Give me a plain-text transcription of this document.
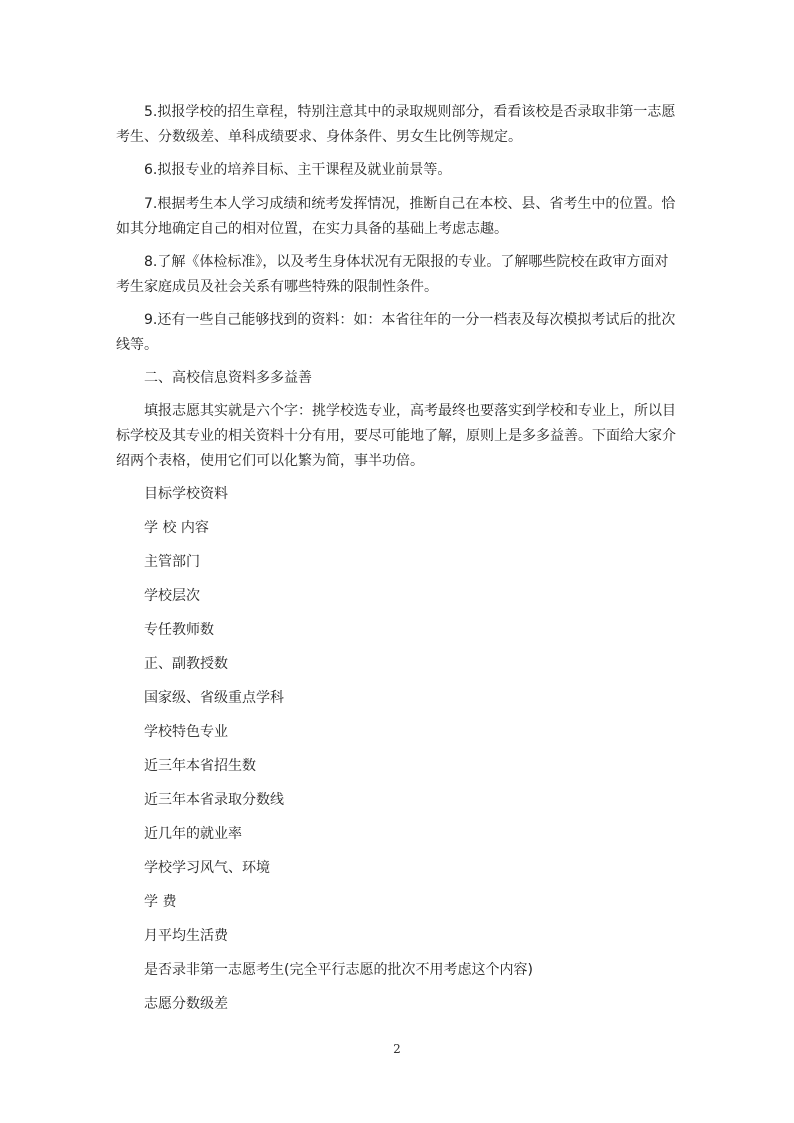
5.拟报学校的招生章程，特别注意其中的录取规则部分，看看该校是否录取非第一志愿考生、分数级差、单科成绩要求、身体条件、男女生比例等规定。

6.拟报专业的培养目标、主干课程及就业前景等。

7.根据考生本人学习成绩和统考发挥情况，推断自己在本校、县、省考生中的位置。恰如其分地确定自己的相对位置，在实力具备的基础上考虑志趣。

8.了解《体检标准》，以及考生身体状况有无限报的专业。了解哪些院校在政审方面对考生家庭成员及社会关系有哪些特殊的限制性条件。

9.还有一些自己能够找到的资料：如：本省往年的一分一档表及每次模拟考试后的批次线等。

二、高校信息资料多多益善

填报志愿其实就是六个字：挑学校选专业，高考最终也要落实到学校和专业上，所以目标学校及其专业的相关资料十分有用，要尽可能地了解，原则上是多多益善。下面给大家介绍两个表格，使用它们可以化繁为简，事半功倍。

目标学校资料

学 校 内容

主管部门

学校层次

专任教师数

正、副教授数

国家级、省级重点学科

学校特色专业

近三年本省招生数

近三年本省录取分数线

近几年的就业率

学校学习风气、环境

学 费

月平均生活费

是否录非第一志愿考生(完全平行志愿的批次不用考虑这个内容)

志愿分数级差

2
